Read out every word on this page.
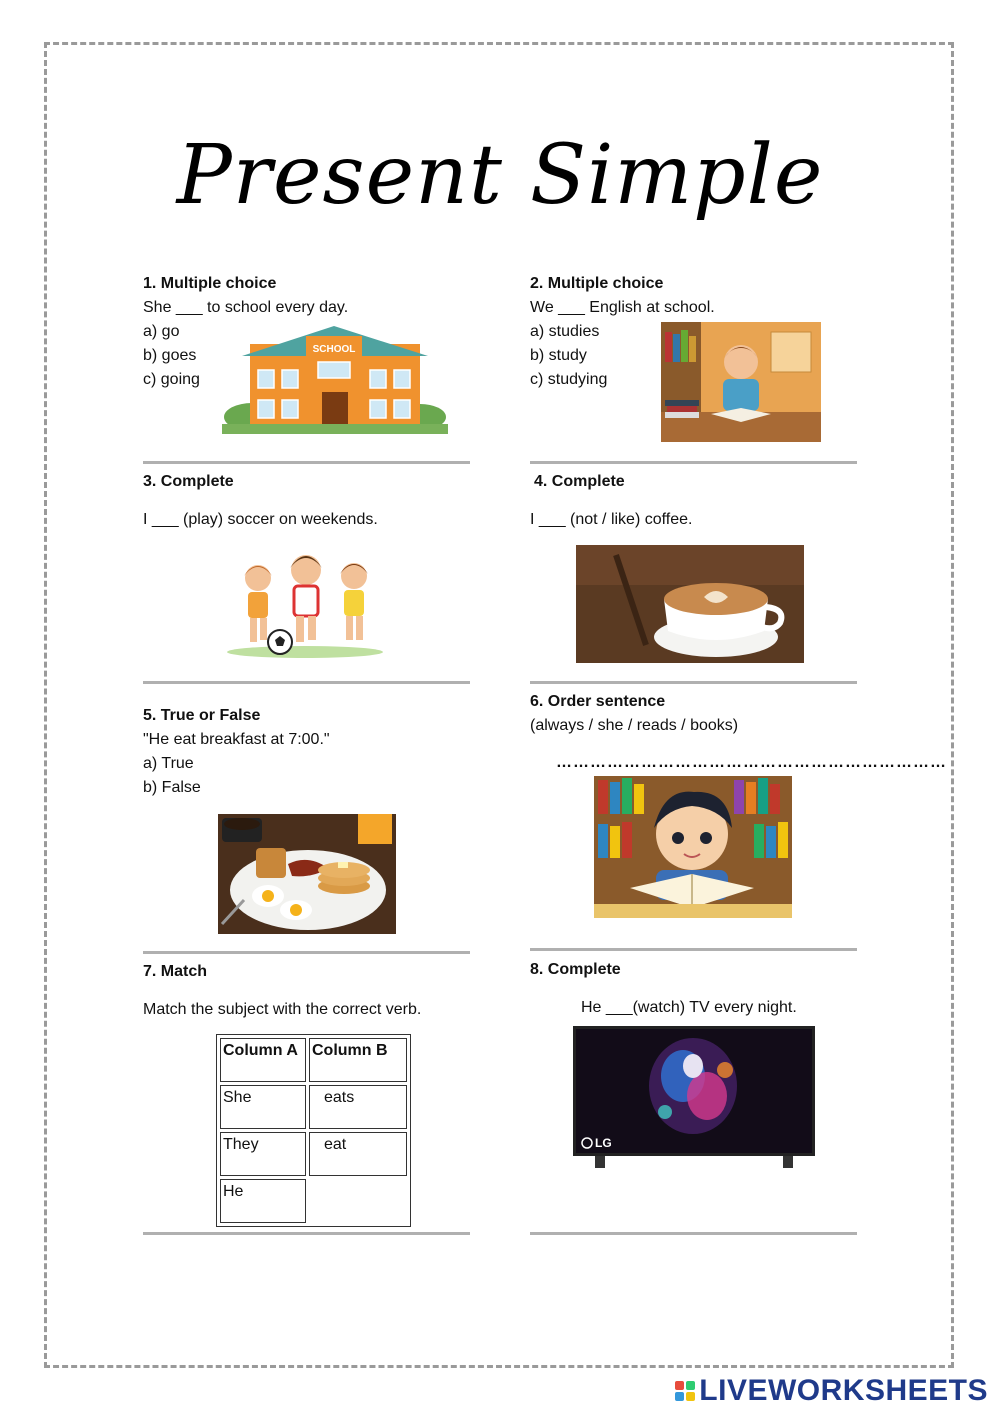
Present Simple
1. Multiple choice
She ___ to school every day.
a) go
b) goes
c) going
SCHOOL
2. Multiple choice
We ___ English at school.
a) studies
b) study
c) studying
3. Complete
I ___ (play) soccer on weekends.
4. Complete
I ___ (not / like) coffee.
5. True or False
"He eat breakfast at 7:00."
a) True
b) False
6. Order sentence
(always / she / reads / books)
……………………………………………………………
7. Match
Match the subject with the correct verb.
Column A	Column B
She	eats
They	eat
He	
8. Complete
He ___(watch) TV every night.
LG
LIVEWORKSHEETS
